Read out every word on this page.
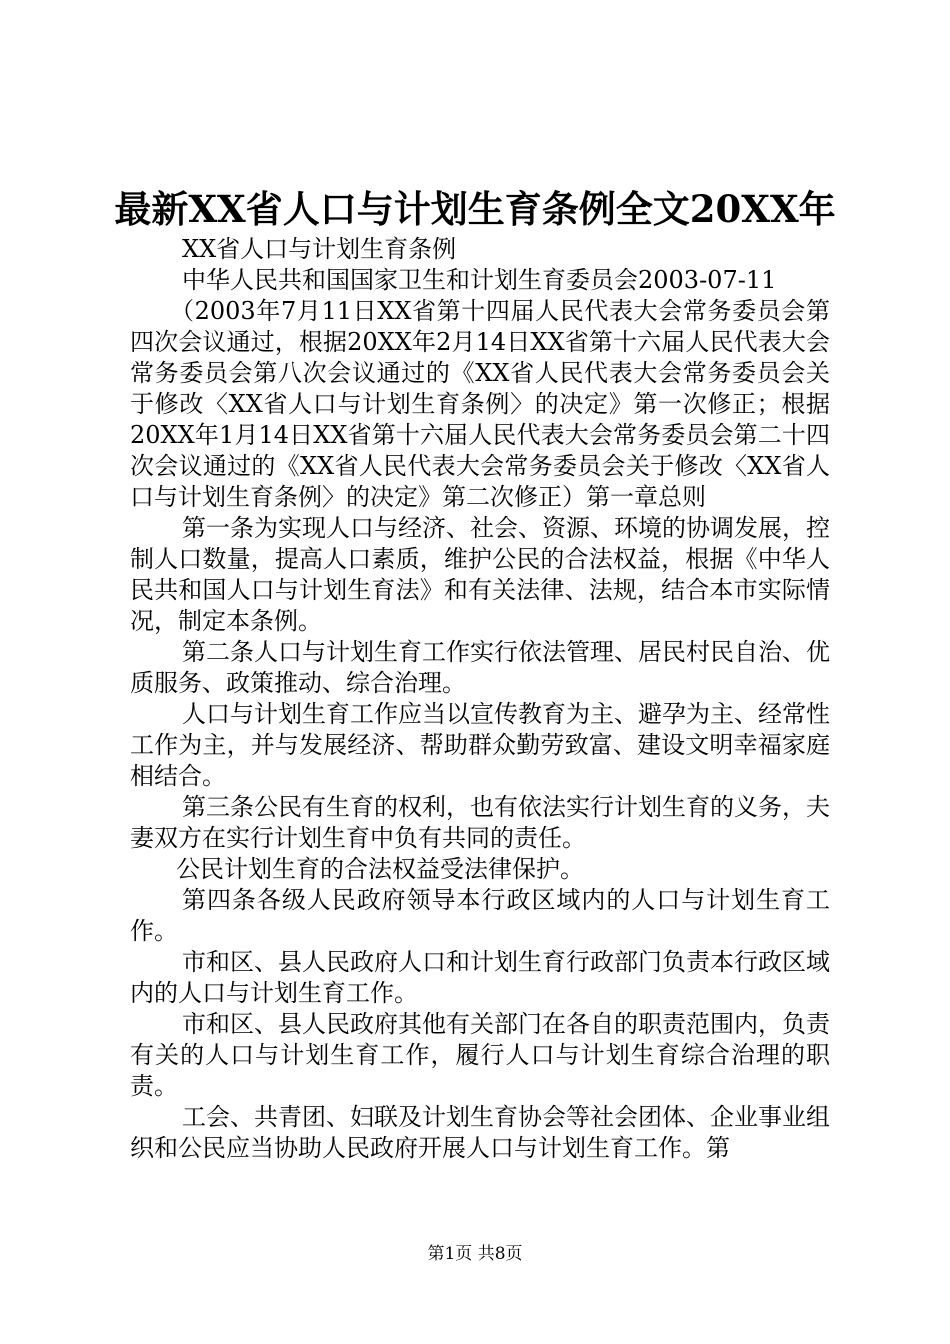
最新XX省人口与计划生育条例全文20XX年

XX省人口与计划生育条例

中华人民共和国国家卫生和计划生育委员会2003-07-11

（2003年7月11日XX省第十四届人民代表大会常务委员会第四次会议通过，根据20XX年2月14日XX省第十六届人民代表大会常务委员会第八次会议通过的《XX省人民代表大会常务委员会关于修改〈XX省人口与计划生育条例〉的决定》第一次修正；根据20XX年1月14日XX省第十六届人民代表大会常务委员会第二十四次会议通过的《XX省人民代表大会常务委员会关于修改〈XX省人口与计划生育条例〉的决定》第二次修正）第一章总则

第一条为实现人口与经济、社会、资源、环境的协调发展，控制人口数量，提高人口素质，维护公民的合法权益，根据《中华人民共和国人口与计划生育法》和有关法律、法规，结合本市实际情况，制定本条例。

第二条人口与计划生育工作实行依法管理、居民村民自治、优质服务、政策推动、综合治理。

人口与计划生育工作应当以宣传教育为主、避孕为主、经常性工作为主，并与发展经济、帮助群众勤劳致富、建设文明幸福家庭相结合。

第三条公民有生育的权利，也有依法实行计划生育的义务，夫妻双方在实行计划生育中负有共同的责任。

公民计划生育的合法权益受法律保护。

第四条各级人民政府领导本行政区域内的人口与计划生育工作。

市和区、县人民政府人口和计划生育行政部门负责本行政区域内的人口与计划生育工作。

市和区、县人民政府其他有关部门在各自的职责范围内，负责有关的人口与计划生育工作，履行人口与计划生育综合治理的职责。

工会、共青团、妇联及计划生育协会等社会团体、企业事业组织和公民应当协助人民政府开展人口与计划生育工作。第

第1页 共8页
